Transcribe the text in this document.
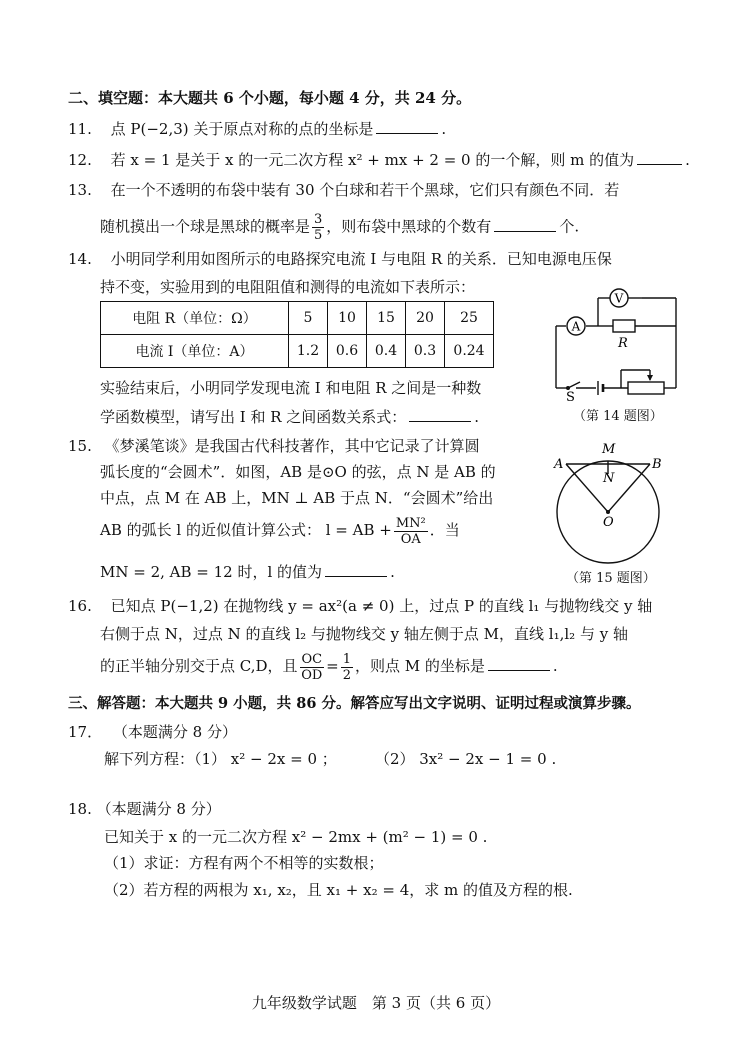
二、填空题：本大题共 6 个小题，每小题 4 分，共 24 分。
11. 点 P(−2,3) 关于原点对称的点的坐标是	.
12. 若 x = 1 是关于 x 的一元二次方程 x² + mx + 2 = 0 的一个解，则 m 的值为	.
13. 在一个不透明的布袋中装有 30 个白球和若干个黑球，它们只有颜色不同．若
随机摸出一个球是黑球的概率是 $\frac{3}{5}$ ，则布袋中黑球的个数有	个.
14. 小明同学利用如图所示的电路探究电流 I 与电阻 R 的关系．已知电源电压保
持不变，实验用到的电阻阻值和测得的电流如下表所示：
电阻 R（单位：Ω）	5	10	15	20	25
电流 I（单位：A）	1.2	0.6	0.4	0.3	0.24
A
V
R
S
（第 14 题图）
实验结束后，小明同学发现电流 I 和电阻 R 之间是一种数
学函数模型，请写出 I 和 R 之间函数关系式：	.
15. 《梦溪笔谈》是我国古代科技著作，其中它记录了计算圆
弧长度的“会圆术”．如图，AB 是⊙O 的弦，点 N 是 AB 的
中点，点 M 在 AB 上，MN ⊥ AB 于点 N．“会圆术”给出
AB 的弧长 l 的近似值计算公式： l = AB + $\frac{\text{MN²}}{OA}$ ．当
MN = 2, AB = 12 时，l 的值为	.
M
A	B
N
O
（第 15 题图）
16. 已知点 P(−1,2) 在抛物线 y = ax²(a ≠ 0) 上，过点 P 的直线 l₁ 与抛物线交 y 轴
右侧于点 N，过点 N 的直线 l₂ 与抛物线交 y 轴左侧于点 M，直线 l₁,l₂ 与 y 轴
的正半轴分别交于点 C,D，且 $\frac{OC}{OD} = \frac{1}{2}$ ，则点 M 的坐标是	.
三、解答题：本大题共 9 小题，共 86 分。解答应写出文字说明、证明过程或演算步骤。
17． （本题满分 8 分）
解下列方程：（1） x² − 2x = 0 ；        （2） 3x² − 2x − 1 = 0 .
18. （本题满分 8 分）
已知关于 x 的一元二次方程 x² − 2mx + (m² − 1) = 0 .
（1）求证：方程有两个不相等的实数根；
（2）若方程的两根为 x₁, x₂，且 x₁ + x₂ = 4，求 m 的值及方程的根.
九年级数学试题　第 3 页（共 6 页）
